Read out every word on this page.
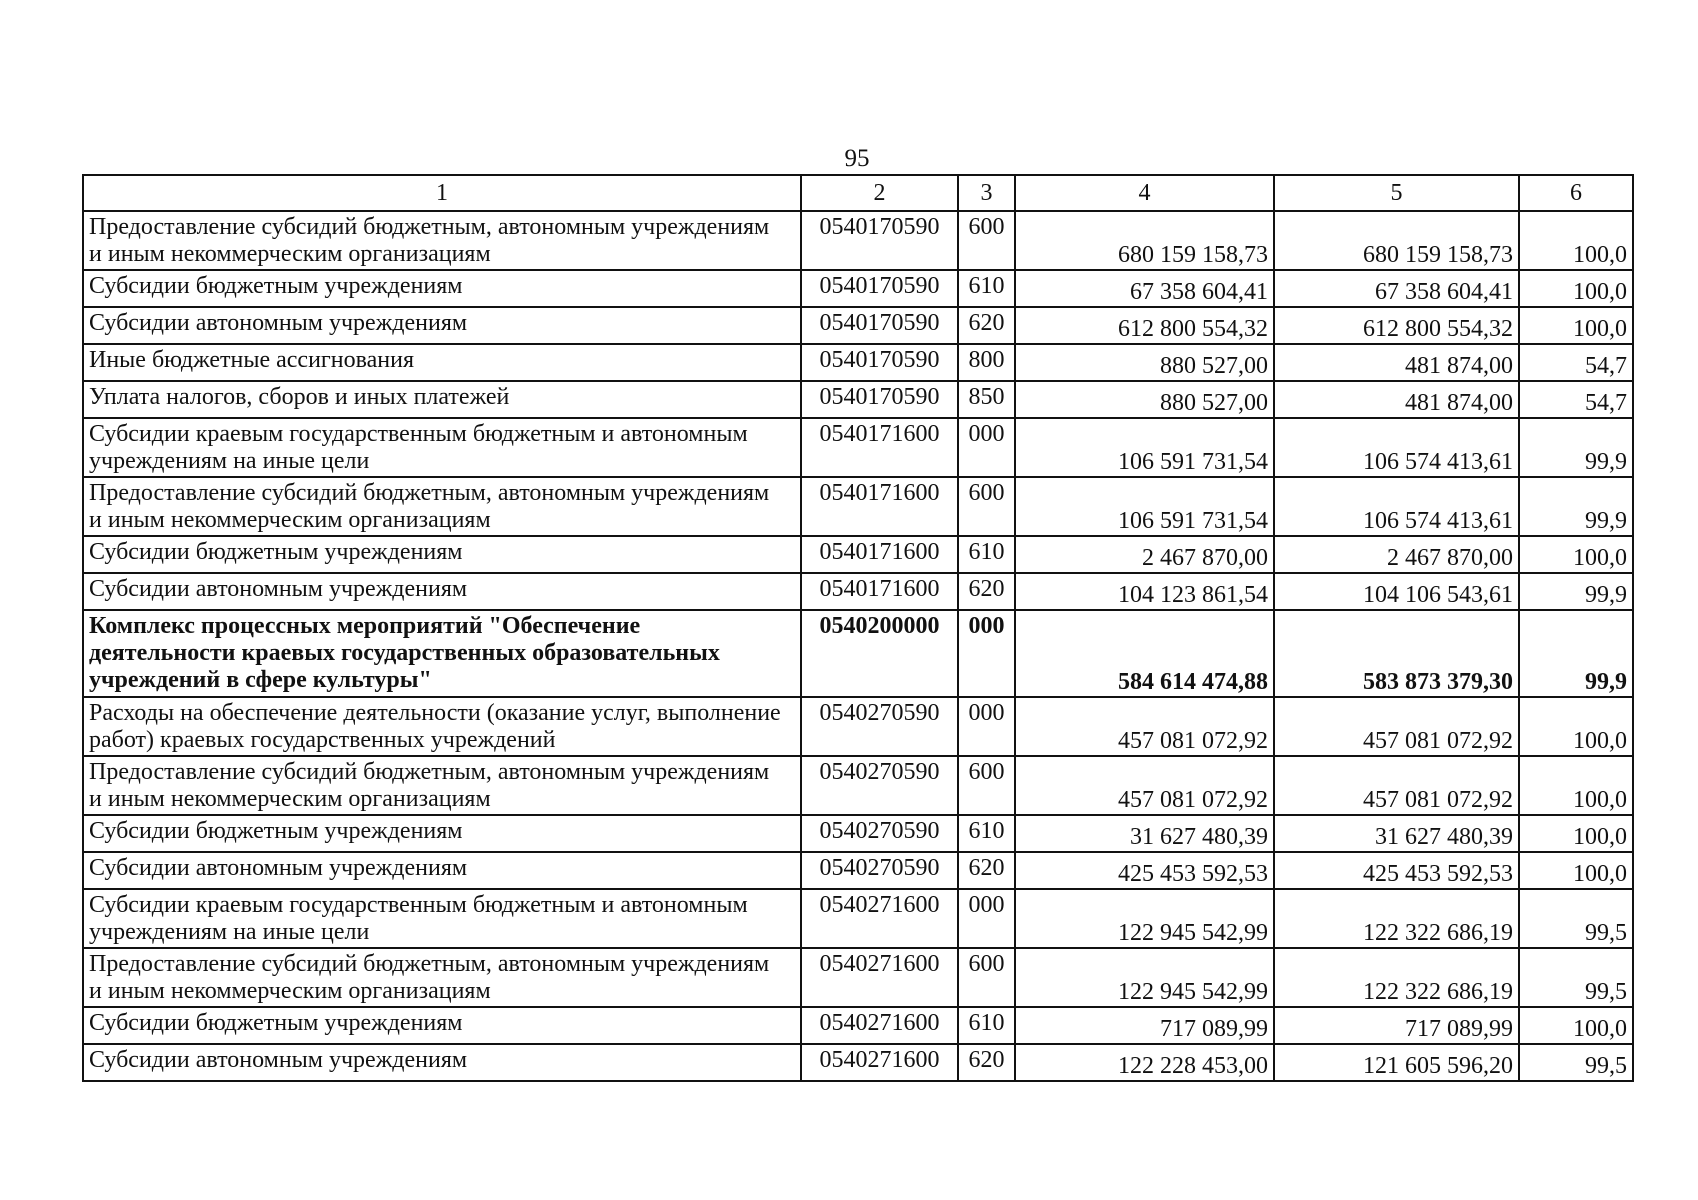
95
1	2	3	4	5	6
Предоставление субсидий бюджетным, автономным учреждениям
и иным некоммерческим организациям	0540170590	600	680 159 158,73	680 159 158,73	100,0
Субсидии бюджетным учреждениям	0540170590	610	67 358 604,41	67 358 604,41	100,0
Субсидии автономным учреждениям	0540170590	620	612 800 554,32	612 800 554,32	100,0
Иные бюджетные ассигнования	0540170590	800	880 527,00	481 874,00	54,7
Уплата налогов, сборов и иных платежей	0540170590	850	880 527,00	481 874,00	54,7
Субсидии краевым государственным бюджетным и автономным
учреждениям на иные цели	0540171600	000	106 591 731,54	106 574 413,61	99,9
Предоставление субсидий бюджетным, автономным учреждениям
и иным некоммерческим организациям	0540171600	600	106 591 731,54	106 574 413,61	99,9
Субсидии бюджетным учреждениям	0540171600	610	2 467 870,00	2 467 870,00	100,0
Субсидии автономным учреждениям	0540171600	620	104 123 861,54	104 106 543,61	99,9
Комплекс процессных мероприятий "Обеспечение
деятельности краевых государственных образовательных
учреждений в сфере культуры"	0540200000	000	584 614 474,88	583 873 379,30	99,9
Расходы на обеспечение деятельности (оказание услуг, выполнение
работ) краевых государственных учреждений	0540270590	000	457 081 072,92	457 081 072,92	100,0
Предоставление субсидий бюджетным, автономным учреждениям
и иным некоммерческим организациям	0540270590	600	457 081 072,92	457 081 072,92	100,0
Субсидии бюджетным учреждениям	0540270590	610	31 627 480,39	31 627 480,39	100,0
Субсидии автономным учреждениям	0540270590	620	425 453 592,53	425 453 592,53	100,0
Субсидии краевым государственным бюджетным и автономным
учреждениям на иные цели	0540271600	000	122 945 542,99	122 322 686,19	99,5
Предоставление субсидий бюджетным, автономным учреждениям
и иным некоммерческим организациям	0540271600	600	122 945 542,99	122 322 686,19	99,5
Субсидии бюджетным учреждениям	0540271600	610	717 089,99	717 089,99	100,0
Субсидии автономным учреждениям	0540271600	620	122 228 453,00	121 605 596,20	99,5
